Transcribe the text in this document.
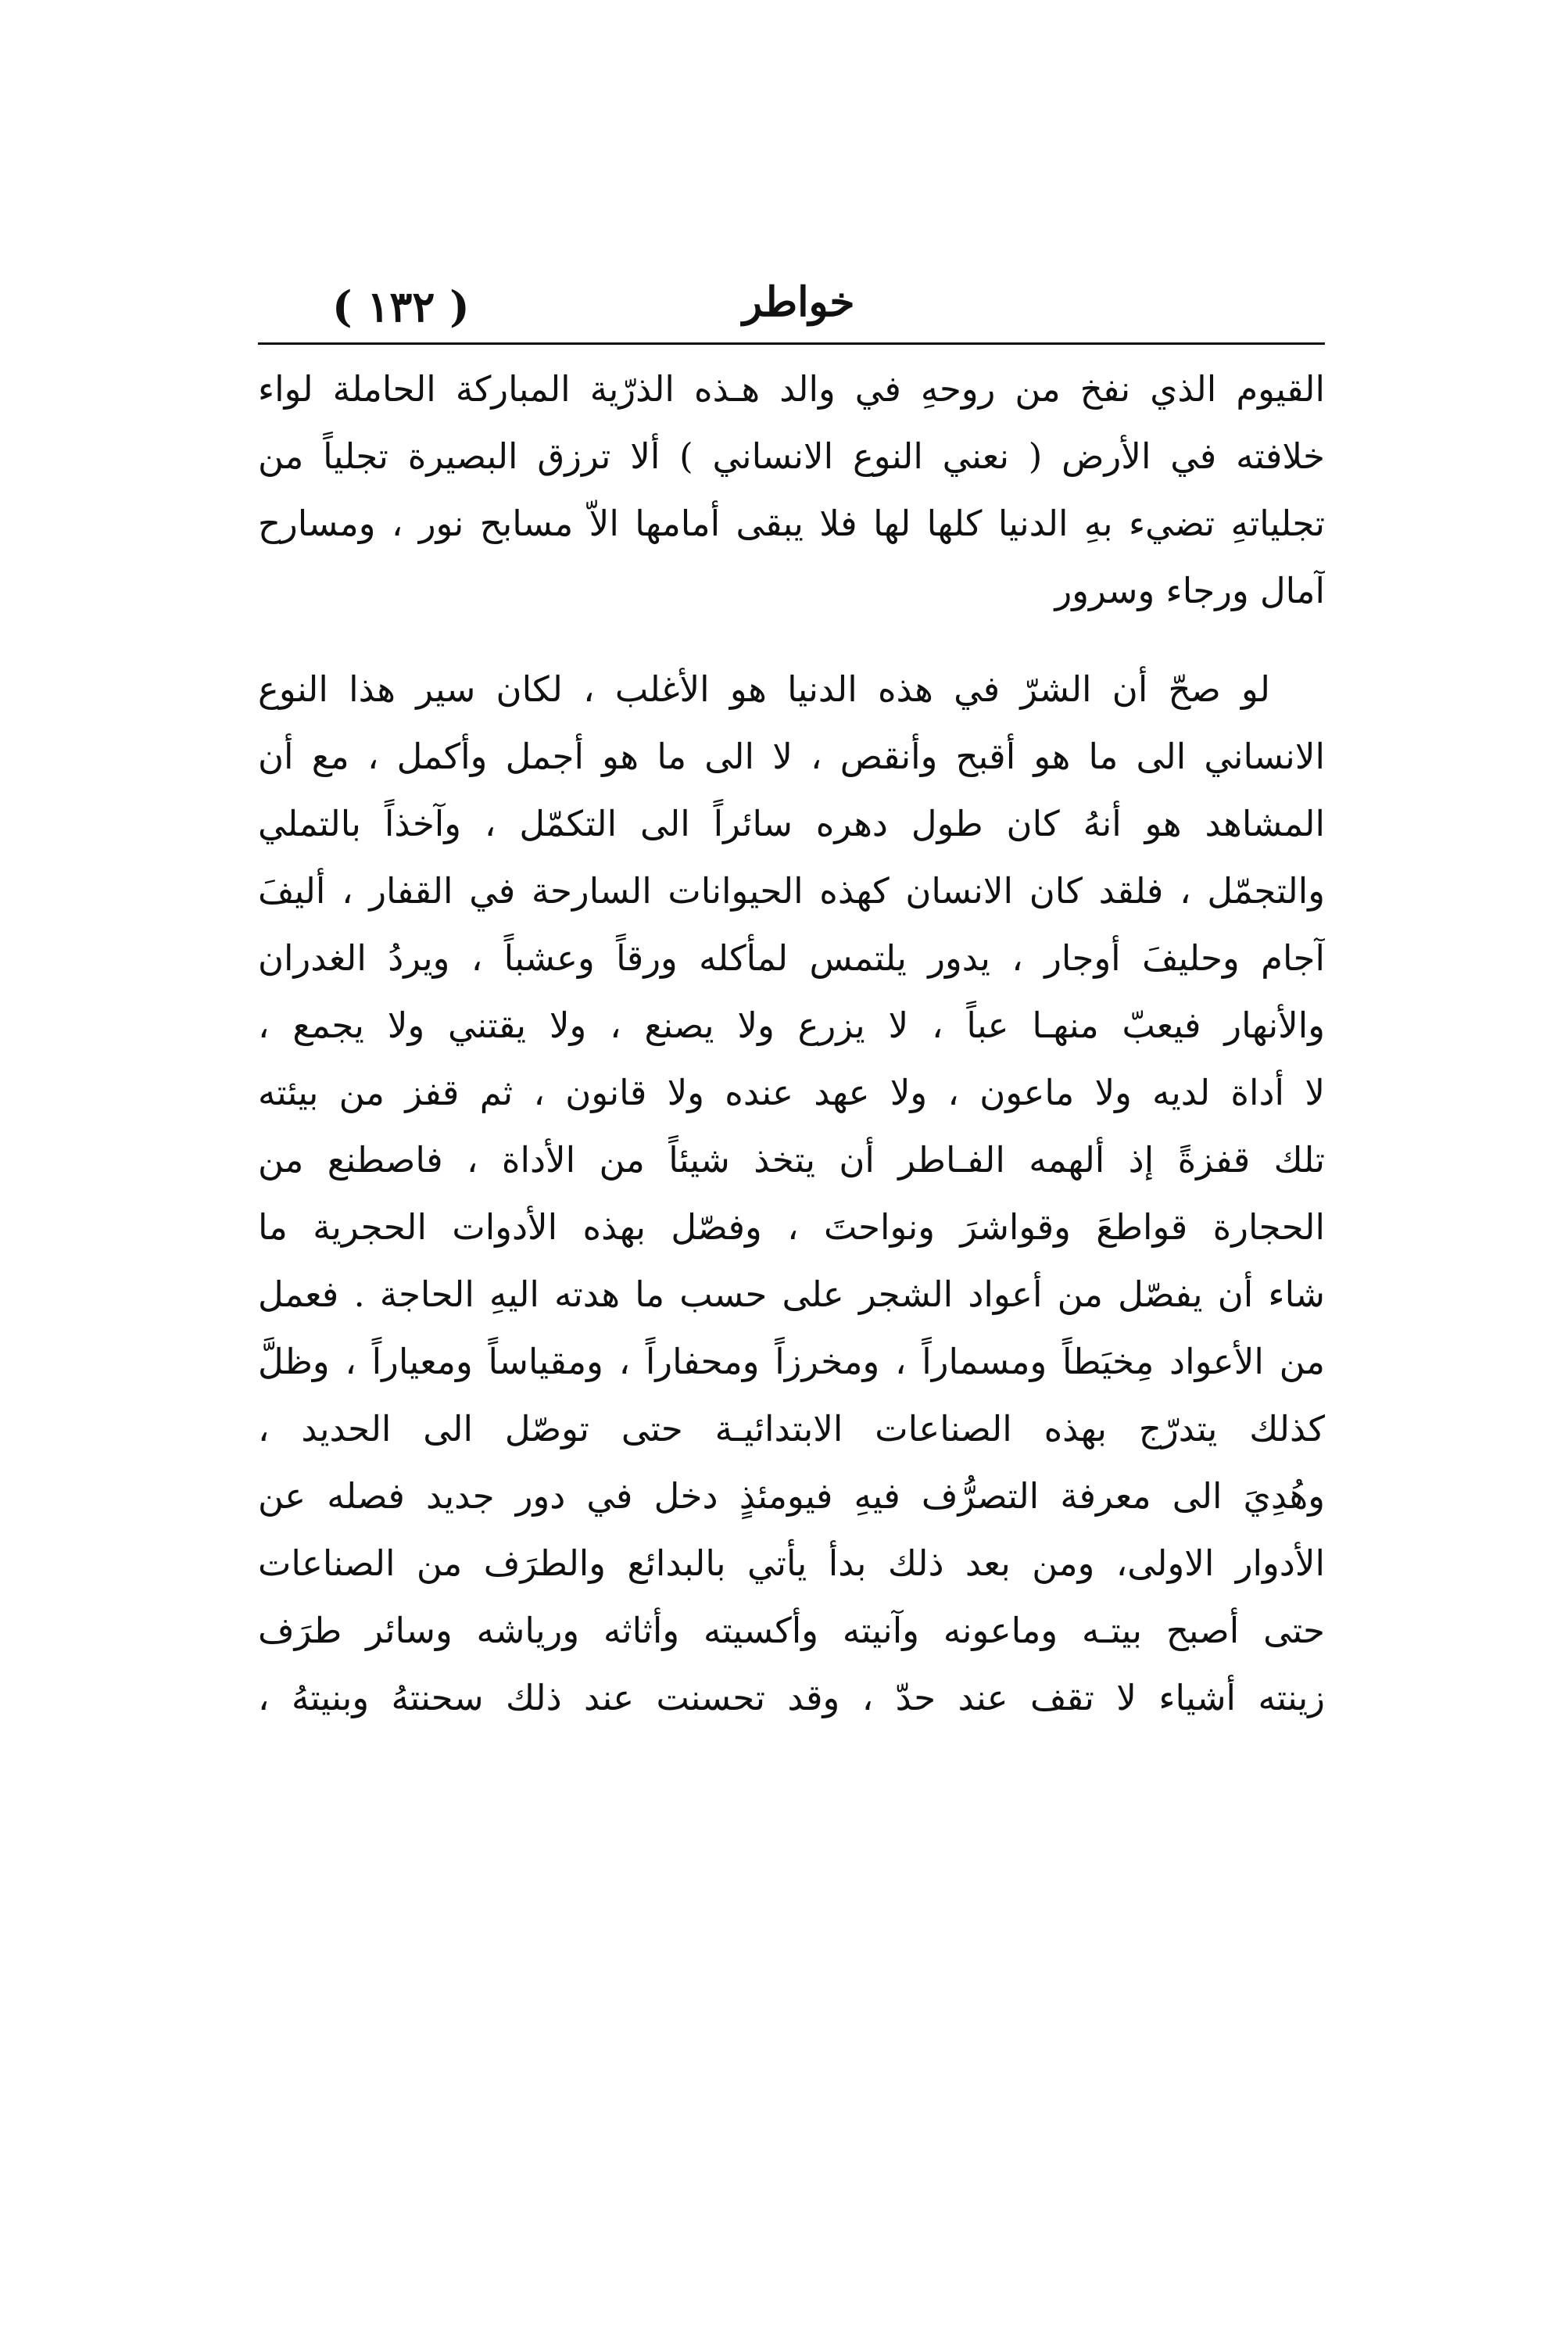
( ١٣٢ )	خواطر
القيوم الذي نفخ من روحهِ في والد هـذه الذرّية المباركة الحاملة لواء
خلافته في الأرض ( نعني النوع الانساني ) ألا ترزق البصيرة تجلياً من
تجلياتهِ تضيء بهِ الدنيا كلها لها فلا يبقى أمامها الاّ مسابح نور ، ومسارح
آمال ورجاء وسرور
لو صحّ أن الشرّ في هذه الدنيا هو الأغلب ، لكان سير هذا النوع
الانساني الى ما هو أقبح وأنقص ، لا الى ما هو أجمل وأكمل ، مع أن
المشاهد هو أنهُ كان طول دهره سائراً الى التكمّل ، وآخذاً بالتملي
والتجمّل ، فلقد كان الانسان كهذه الحيوانات السارحة في القفار ، أليفَ
آجام وحليفَ أوجار ، يدور يلتمس لمأكله ورقاً وعشباً ، ويردُ الغدران
والأنهار فيعبّ منهـا عباً ، لا يزرع ولا يصنع ، ولا يقتني ولا يجمع ،
لا أداة لديه ولا ماعون ، ولا عهد عنده ولا قانون ، ثم قفز من بيئته
تلك قفزةً إذ ألهمه الفـاطر أن يتخذ شيئاً من الأداة ، فاصطنع من
الحجارة قواطعَ وقواشرَ ونواحتَ ، وفصّل بهذه الأدوات الحجرية ما
شاء أن يفصّل من أعواد الشجر على حسب ما هدته اليهِ الحاجة . فعمل
من الأعواد مِخيَطاً ومسماراً ، ومخرزاً ومحفاراً ، ومقياساً ومعياراً ، وظلَّ
كذلك يتدرّج بهذه الصناعات الابتدائيـة حتى توصّل الى الحديد ،
وهُدِيَ الى معرفة التصرُّف فيهِ فيومئذٍ دخل في دور جديد فصله عن
الأدوار الاولى، ومن بعد ذلك بدأ يأتي بالبدائع والطرَف من الصناعات
حتى أصبح بيتـه وماعونه وآنيته وأكسيته وأثاثه ورياشه وسائر طرَف
زينته أشياء لا تقف عند حدّ ، وقد تحسنت عند ذلك سحنتهُ وبنيتهُ ،
